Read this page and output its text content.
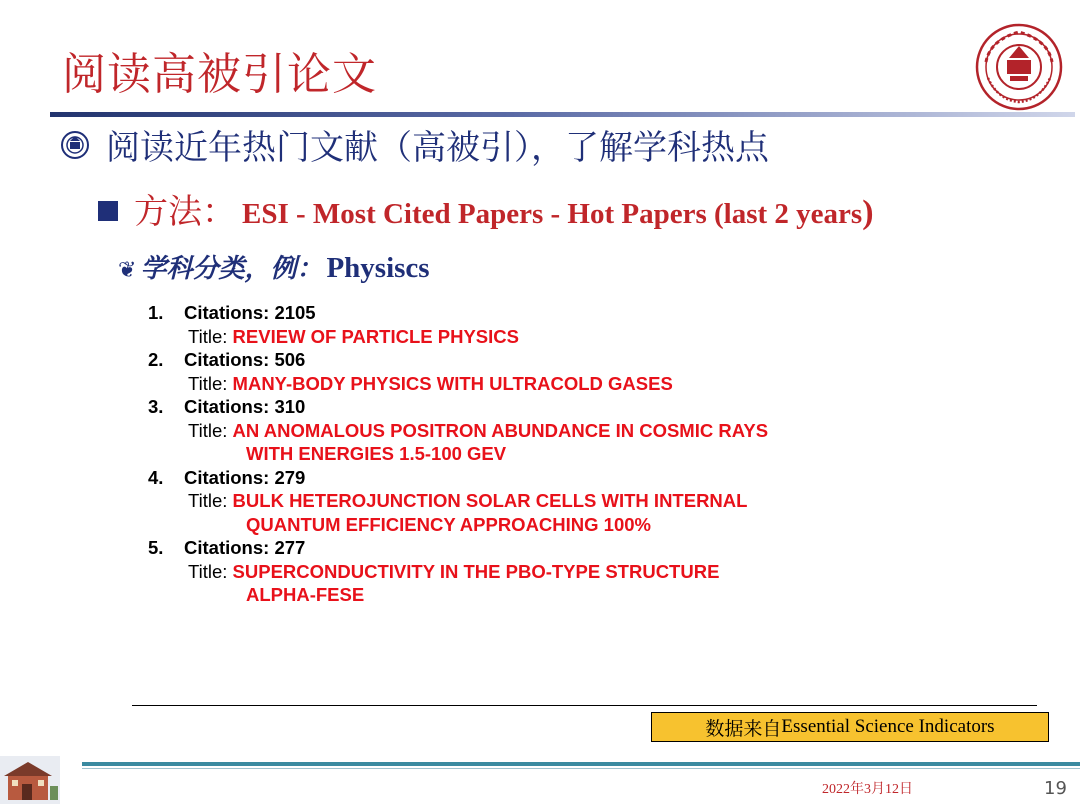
阅读高被引论文
阅读近年热门文献（高被引），了解学科热点
方法： ESI - Most Cited Papers - Hot Papers (last 2 years )
❦ 学科分类，例： Physiscs
1. Citations: 2105
Title: REVIEW OF PARTICLE PHYSICS
2. Citations: 506
Title: MANY-BODY PHYSICS WITH ULTRACOLD GASES
3. Citations: 310
Title: AN ANOMALOUS POSITRON ABUNDANCE IN COSMIC RAYS
WITH ENERGIES 1.5-100 GEV
4. Citations: 279
Title: BULK HETEROJUNCTION SOLAR CELLS WITH INTERNAL
QUANTUM EFFICIENCY APPROACHING 100%
5. Citations: 277
Title: SUPERCONDUCTIVITY IN THE PBO-TYPE STRUCTURE
ALPHA-FESE
数据来自 Essential Science Indicators
2022年3月12日	19
